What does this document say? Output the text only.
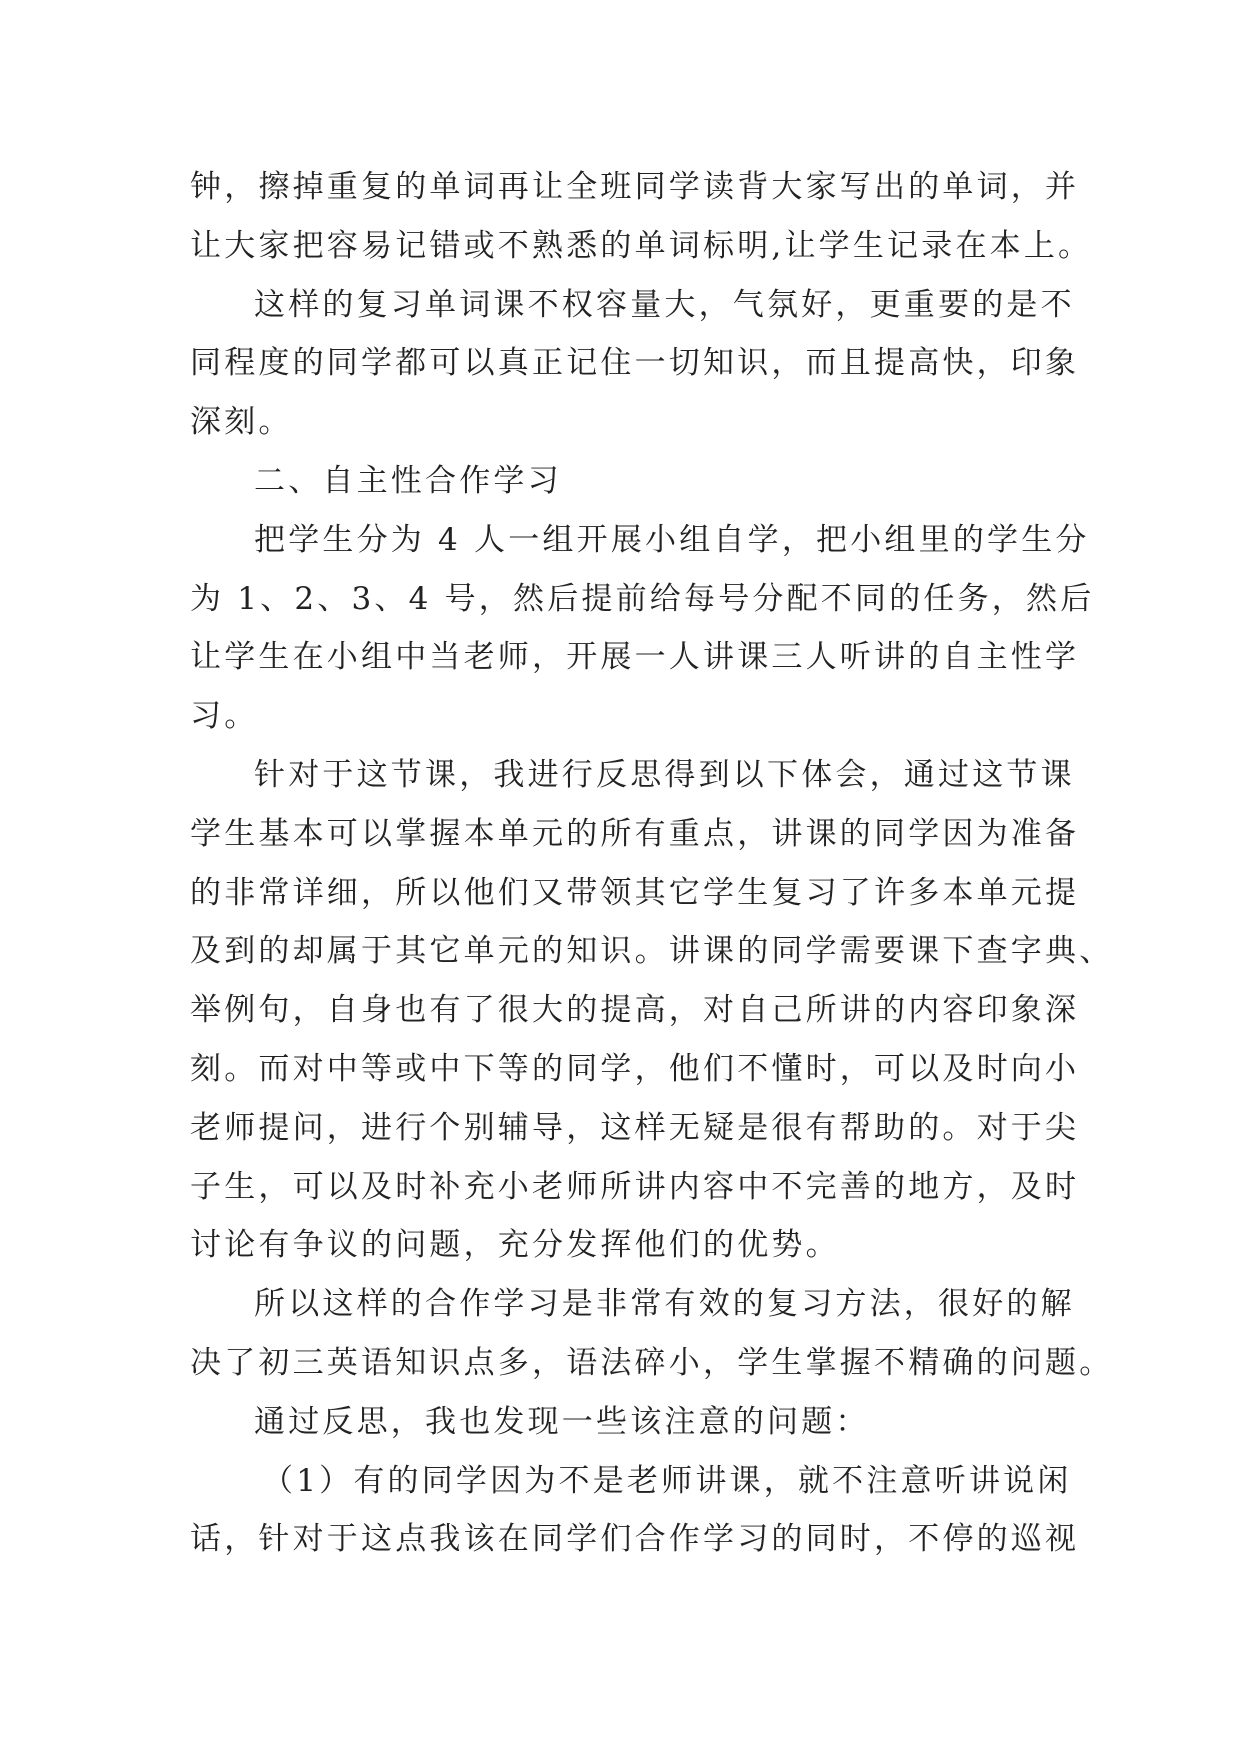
钟，擦掉重复的单词再让全班同学读背大家写出的单词，并
让大家把容易记错或不熟悉的单词标明,让学生记录在本上。
这样的复习单词课不权容量大，气氛好，更重要的是不
同程度的同学都可以真正记住一切知识，而且提高快，印象
深刻。
二、自主性合作学习
把学生分为 4 人一组开展小组自学，把小组里的学生分
为 1、2、3、4 号，然后提前给每号分配不同的任务，然后
让学生在小组中当老师，开展一人讲课三人听讲的自主性学
习。
针对于这节课，我进行反思得到以下体会，通过这节课
学生基本可以掌握本单元的所有重点，讲课的同学因为准备
的非常详细，所以他们又带领其它学生复习了许多本单元提
及到的却属于其它单元的知识。讲课的同学需要课下查字典、
举例句，自身也有了很大的提高，对自己所讲的内容印象深
刻。而对中等或中下等的同学，他们不懂时，可以及时向小
老师提问，进行个别辅导，这样无疑是很有帮助的。对于尖
子生，可以及时补充小老师所讲内容中不完善的地方，及时
讨论有争议的问题，充分发挥他们的优势。
所以这样的合作学习是非常有效的复习方法，很好的解
决了初三英语知识点多，语法碎小，学生掌握不精确的问题。
通过反思，我也发现一些该注意的问题：
（1）有的同学因为不是老师讲课，就不注意听讲说闲
话，针对于这点我该在同学们合作学习的同时，不停的巡视
